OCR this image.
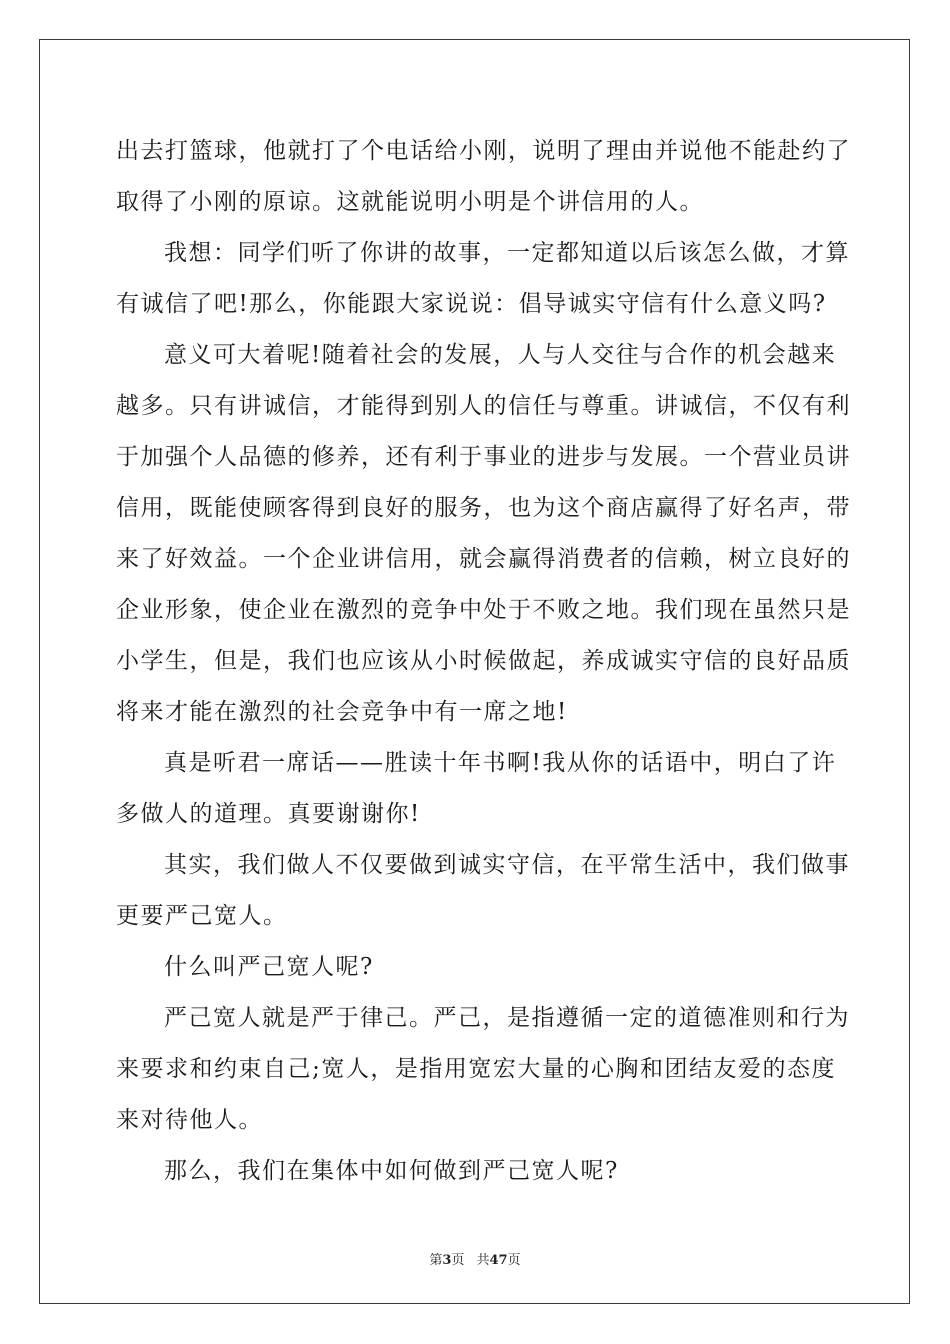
出去打篮球，他就打了个电话给小刚，说明了理由并说他不能赴约了
取得了小刚的原谅。这就能说明小明是个讲信用的人。
我想：同学们听了你讲的故事，一定都知道以后该怎么做，才算
有诚信了吧!那么，你能跟大家说说：倡导诚实守信有什么意义吗?
意义可大着呢!随着社会的发展，人与人交往与合作的机会越来
越多。只有讲诚信，才能得到别人的信任与尊重。讲诚信，不仅有利
于加强个人品德的修养，还有利于事业的进步与发展。一个营业员讲
信用，既能使顾客得到良好的服务，也为这个商店赢得了好名声，带
来了好效益。一个企业讲信用，就会赢得消费者的信赖，树立良好的
企业形象，使企业在激烈的竞争中处于不败之地。我们现在虽然只是
小学生，但是，我们也应该从小时候做起，养成诚实守信的良好品质
将来才能在激烈的社会竞争中有一席之地!
真是听君一席话——胜读十年书啊!我从你的话语中，明白了许
多做人的道理。真要谢谢你!
其实，我们做人不仅要做到诚实守信，在平常生活中，我们做事
更要严己宽人。
什么叫严己宽人呢?
严己宽人就是严于律己。严己，是指遵循一定的道德准则和行为
来要求和约束自己;宽人，是指用宽宏大量的心胸和团结友爱的态度
来对待他人。
那么，我们在集体中如何做到严己宽人呢?
第3页 共47页
